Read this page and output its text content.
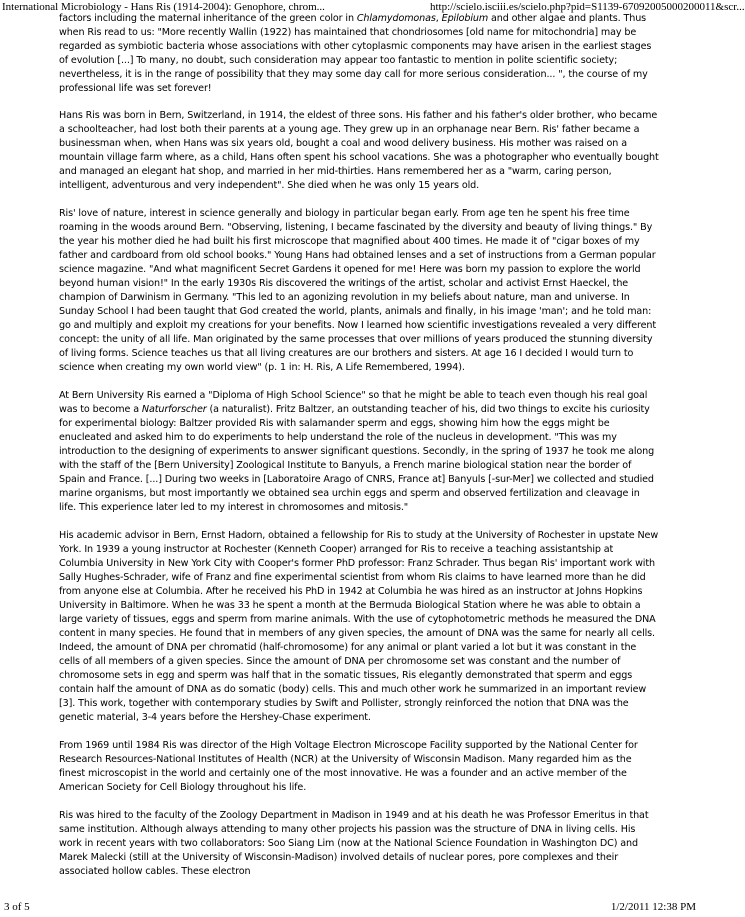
International Microbiology - Hans Ris (1914-2004): Genophore, chrom...	http://scielo.isciii.es/scielo.php?pid=S1139-67092005000200011&scr...

factors including the maternal inheritance of the green color in Chlamydomonas, Epilobium and other algae and plants. Thus when Ris read to us: "More recently Wallin (1922) has maintained that chondriosomes [old name for mitochondria] may be regarded as symbiotic bacteria whose associations with other cytoplasmic components may have arisen in the earliest stages of evolution [...] To many, no doubt, such consideration may appear too fantastic to mention in polite scientific society; nevertheless, it is in the range of possibility that they may some day call for more serious consideration... ", the course of my professional life was set forever!

Hans Ris was born in Bern, Switzerland, in 1914, the eldest of three sons. His father and his father's older brother, who became a schoolteacher, had lost both their parents at a young age. They grew up in an orphanage near Bern. Ris' father became a businessman when, when Hans was six years old, bought a coal and wood delivery business. His mother was raised on a mountain village farm where, as a child, Hans often spent his school vacations. She was a photographer who eventually bought and managed an elegant hat shop, and married in her mid-thirties. Hans remembered her as a "warm, caring person, intelligent, adventurous and very independent". She died when he was only 15 years old.

Ris' love of nature, interest in science generally and biology in particular began early. From age ten he spent his free time roaming in the woods around Bern. "Observing, listening, I became fascinated by the diversity and beauty of living things." By the year his mother died he had built his first microscope that magnified about 400 times. He made it of "cigar boxes of my father and cardboard from old school books." Young Hans had obtained lenses and a set of instructions from a German popular science magazine. "And what magnificent Secret Gardens it opened for me! Here was born my passion to explore the world beyond human vision!" In the early 1930s Ris discovered the writings of the artist, scholar and activist Ernst Haeckel, the champion of Darwinism in Germany. "This led to an agonizing revolution in my beliefs about nature, man and universe. In Sunday School I had been taught that God created the world, plants, animals and finally, in his image 'man'; and he told man: go and multiply and exploit my creations for your benefits. Now I learned how scientific investigations revealed a very different concept: the unity of all life. Man originated by the same processes that over millions of years produced the stunning diversity of living forms. Science teaches us that all living creatures are our brothers and sisters. At age 16 I decided I would turn to science when creating my own world view" (p. 1 in: H. Ris, A Life Remembered, 1994).

At Bern University Ris earned a "Diploma of High School Science" so that he might be able to teach even though his real goal was to become a Naturforscher (a naturalist). Fritz Baltzer, an outstanding teacher of his, did two things to excite his curiosity for experimental biology: Baltzer provided Ris with salamander sperm and eggs, showing him how the eggs might be enucleated and asked him to do experiments to help understand the role of the nucleus in development. "This was my introduction to the designing of experiments to answer significant questions. Secondly, in the spring of 1937 he took me along with the staff of the [Bern University] Zoological Institute to Banyuls, a French marine biological station near the border of Spain and France. [...] During two weeks in [Laboratoire Arago of CNRS, France at] Banyuls [-sur-Mer] we collected and studied marine organisms, but most importantly we obtained sea urchin eggs and sperm and observed fertilization and cleavage in life. This experience later led to my interest in chromosomes and mitosis."

His academic advisor in Bern, Ernst Hadorn, obtained a fellowship for Ris to study at the University of Rochester in upstate New York. In 1939 a young instructor at Rochester (Kenneth Cooper) arranged for Ris to receive a teaching assistantship at Columbia University in New York City with Cooper's former PhD professor: Franz Schrader. Thus began Ris' important work with Sally Hughes-Schrader, wife of Franz and fine experimental scientist from whom Ris claims to have learned more than he did from anyone else at Columbia. After he received his PhD in 1942 at Columbia he was hired as an instructor at Johns Hopkins University in Baltimore. When he was 33 he spent a month at the Bermuda Biological Station where he was able to obtain a large variety of tissues, eggs and sperm from marine animals. With the use of cytophotometric methods he measured the DNA content in many species. He found that in members of any given species, the amount of DNA was the same for nearly all cells. Indeed, the amount of DNA per chromatid (half-chromosome) for any animal or plant varied a lot but it was constant in the cells of all members of a given species. Since the amount of DNA per chromosome set was constant and the number of chromosome sets in egg and sperm was half that in the somatic tissues, Ris elegantly demonstrated that sperm and eggs contain half the amount of DNA as do somatic (body) cells. This and much other work he summarized in an important review [3]. This work, together with contemporary studies by Swift and Pollister, strongly reinforced the notion that DNA was the genetic material, 3-4 years before the Hershey-Chase experiment.

From 1969 until 1984 Ris was director of the High Voltage Electron Microscope Facility supported by the National Center for Research Resources-National Institutes of Health (NCR) at the University of Wisconsin Madison. Many regarded him as the finest microscopist in the world and certainly one of the most innovative. He was a founder and an active member of the American Society for Cell Biology throughout his life.

Ris was hired to the faculty of the Zoology Department in Madison in 1949 and at his death he was Professor Emeritus in that same institution. Although always attending to many other projects his passion was the structure of DNA in living cells. His work in recent years with two collaborators: Soo Siang Lim (now at the National Science Foundation in Washington DC) and Marek Malecki (still at the University of Wisconsin-Madison) involved details of nuclear pores, pore complexes and their associated hollow cables. These electron

3 of 5	1/2/2011 12:38 PM
